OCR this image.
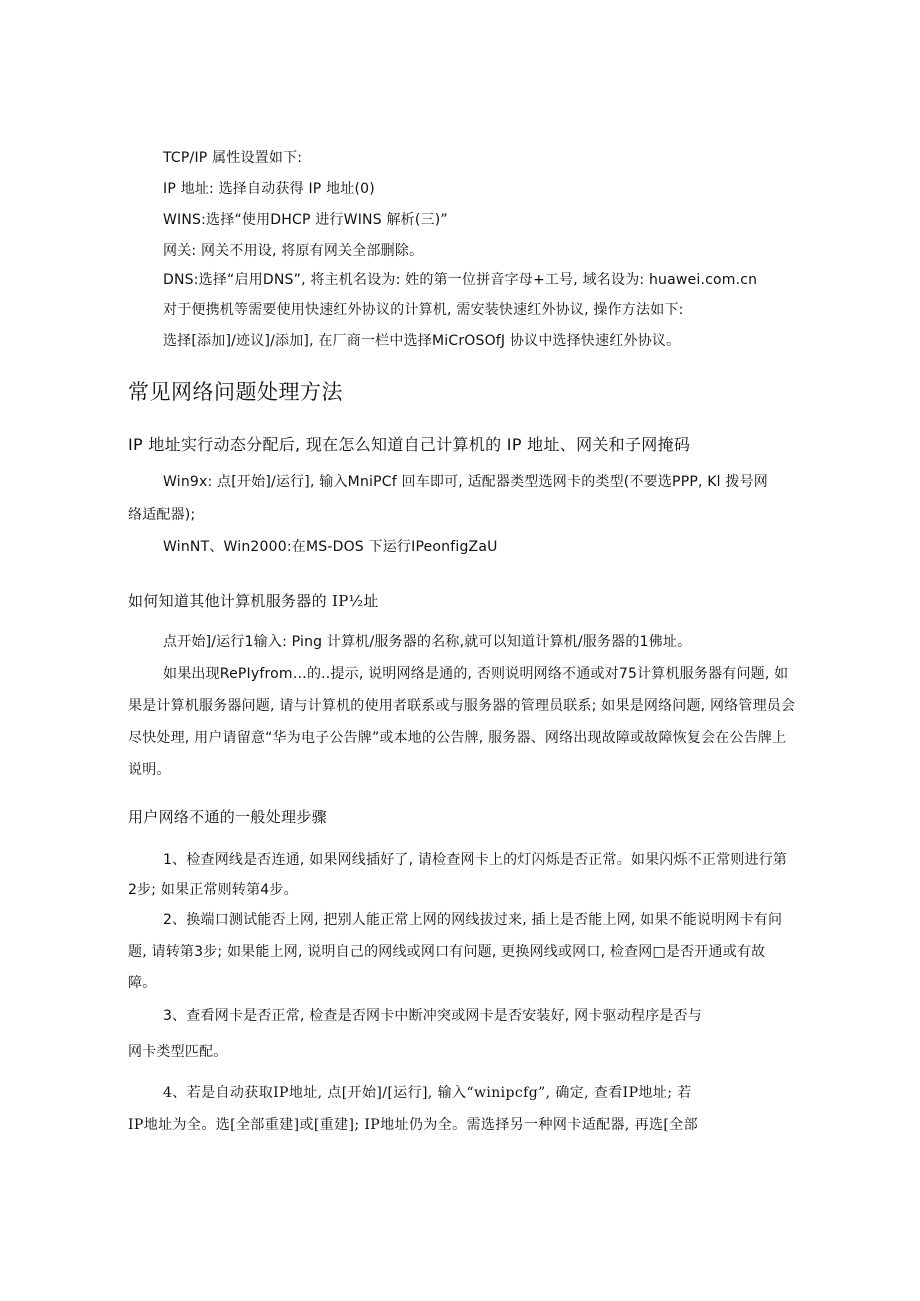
TCP/IP 属性设置如下:

IP 地址: 选择自动获得 IP 地址(0)

WINS:选择“使用DHCP 进行WINS 解析(三)”

网关: 网关不用设, 将原有网关全部删除。

DNS:选择“启用DNS”, 将主机名设为: 姓的第一位拼音字母+工号, 域名设为: huawei.com.cn

对于便携机等需要使用快速红外协议的计算机, 需安装快速红外协议, 操作方法如下:

选择[添加]/迹议]/添加], 在厂商一栏中选择MiCrOSOfJ 协议中选择快速红外协议。

常见网络问题处理方法
IP 地址实行动态分配后, 现在怎么知道自己计算机的 IP 地址、网关和子网掩码

Win9x: 点[开始]/运行], 输入MniPCf 回车即可, 适配器类型选网卡的类型(不要选PPP, Kl 拨号网

络适配器);

WinNT、Win2000:在MS-DOS 下运行IPeonfigZaU

如何知道其他计算机服务器的 IP½址

点开始]/运行1输入: Ping 计算机/服务器的名称,就可以知道计算机/服务器的1佛址。

如果出现RePIyfrom…的..提示, 说明网络是通的, 否则说明网络不通或对75计算机服务器有问题, 如

果是计算机服务器问题, 请与计算机的使用者联系或与服务器的管理员联系; 如果是网络问题, 网络管理员会

尽快处理, 用户请留意“华为电子公告牌”或本地的公告牌, 服务器、网络出现故障或故障恢复会在公告牌上

说明。

用户网络不通的一般处理步骤

1、检查网线是否连通, 如果网线插好了, 请检查网卡上的灯闪烁是否正常。如果闪烁不正常则进行第

2步; 如果正常则转第4步。

2、换端口测试能否上网, 把别人能正常上网的网线拔过来, 插上是否能上网, 如果不能说明网卡有问

题, 请转第3步; 如果能上网, 说明自己的网线或网口有问题, 更换网线或网口, 检查网□是否开通或有故

障。

3、查看网卡是否正常, 检查是否网卡中断冲突或网卡是否安装好, 网卡驱动程序是否与

网卡类型匹配。

4、若是自动获取IP地址, 点[开始]/[运行], 输入“winipcfg”, 确定, 查看IP地址; 若

IP地址为全。选[全部重建]或[重建]; IP地址仍为全。需选择另一种网卡适配器, 再选[全部
